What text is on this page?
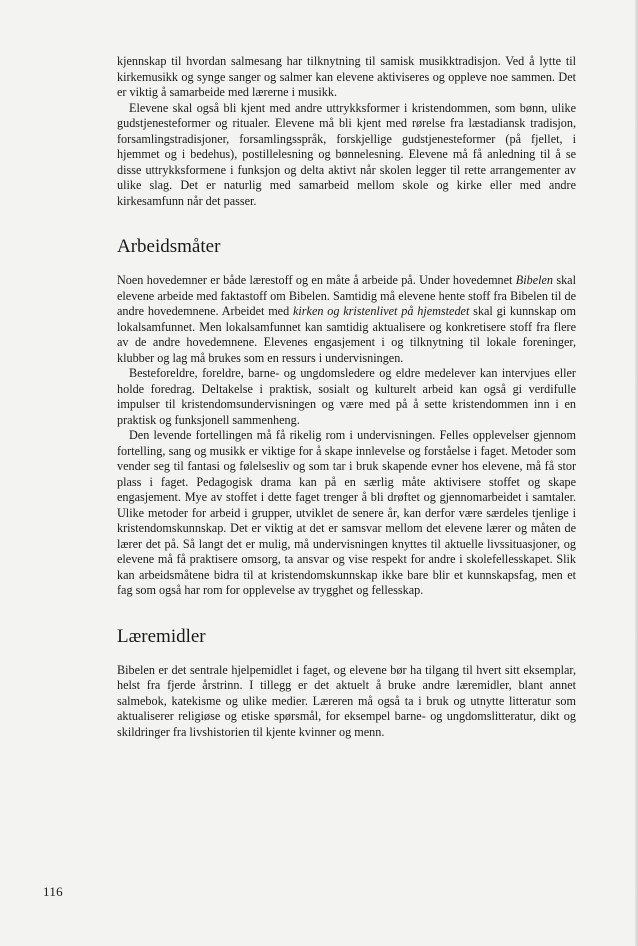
kjennskap til hvordan salmesang har tilknytning til samisk musikktradisjon. Ved å lytte til kirkemusikk og synge sanger og salmer kan elevene aktiviseres og oppleve noe sammen. Det er viktig å samarbeide med lærerne i musikk.

Elevene skal også bli kjent med andre uttrykksformer i kristendommen, som bønn, ulike gudstjenesteformer og ritualer. Elevene må bli kjent med rørelse fra læstadiansk tradisjon, forsamlingstradisjoner, forsamlingsspråk, forskjellige gudstjenesteformer (på fjellet, i hjemmet og i bedehus), postillelesning og bønnelesning. Elevene må få anledning til å se disse uttrykksformene i funksjon og delta aktivt når skolen legger til rette arrangementer av ulike slag. Det er naturlig med samarbeid mellom skole og kirke eller med andre kirkesamfunn når det passer.

Arbeidsmåter

Noen hovedemner er både lærestoff og en måte å arbeide på. Under hovedemnet Bibelen skal elevene arbeide med faktastoff om Bibelen. Samtidig må elevene hente stoff fra Bibelen til de andre hovedemnene. Arbeidet med kirken og kristenlivet på hjemstedet skal gi kunnskap om lokalsamfunnet. Men lokalsamfunnet kan samtidig aktualisere og konkretisere stoff fra flere av de andre hovedemnene. Elevenes engasjement i og tilknytning til lokale foreninger, klubber og lag må brukes som en ressurs i undervisningen.

Besteforeldre, foreldre, barne- og ungdomsledere og eldre medelever kan intervjues eller holde foredrag. Deltakelse i praktisk, sosialt og kulturelt arbeid kan også gi verdifulle impulser til kristendomsundervisningen og være med på å sette kristendommen inn i en praktisk og funksjonell sammenheng.

Den levende fortellingen må få rikelig rom i undervisningen. Felles opplevelser gjennom fortelling, sang og musikk er viktige for å skape innlevelse og forståelse i faget. Metoder som vender seg til fantasi og følelsesliv og som tar i bruk skapende evner hos elevene, må få stor plass i faget. Pedagogisk drama kan på en særlig måte aktivisere stoffet og skape engasjement. Mye av stoffet i dette faget trenger å bli drøftet og gjennomarbeidet i samtaler. Ulike metoder for arbeid i grupper, utviklet de senere år, kan derfor være særdeles tjenlige i kristendomskunnskap. Det er viktig at det er samsvar mellom det elevene lærer og måten de lærer det på. Så langt det er mulig, må undervisningen knyttes til aktuelle livssituasjoner, og elevene må få praktisere omsorg, ta ansvar og vise respekt for andre i skolefellesskapet. Slik kan arbeidsmåtene bidra til at kristendomskunnskap ikke bare blir et kunnskapsfag, men et fag som også har rom for opplevelse av trygghet og fellesskap.

Læremidler

Bibelen er det sentrale hjelpemidlet i faget, og elevene bør ha tilgang til hvert sitt eksemplar, helst fra fjerde årstrinn. I tillegg er det aktuelt å bruke andre læremidler, blant annet salmebok, katekisme og ulike medier. Læreren må også ta i bruk og utnytte litteratur som aktualiserer religiøse og etiske spørsmål, for eksempel barne- og ungdomslitteratur, dikt og skildringer fra livshistorien til kjente kvinner og menn.

116
